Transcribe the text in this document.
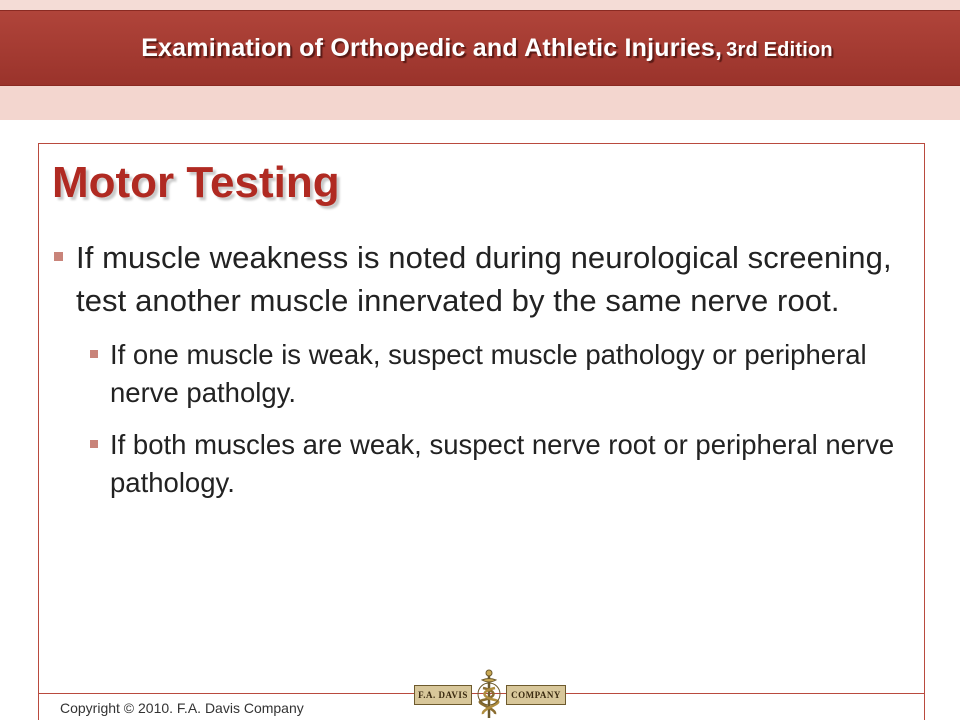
Examination of Orthopedic and Athletic Injuries, 3rd Edition
Motor Testing
If muscle weakness is noted during neurological screening, test another muscle innervated by the same nerve root.
If one muscle is weak, suspect muscle pathology or peripheral nerve patholgy.
If both muscles are weak, suspect nerve root or peripheral nerve pathology.
Copyright © 2010. F.A. Davis Company
F.A. DAVIS	COMPANY
